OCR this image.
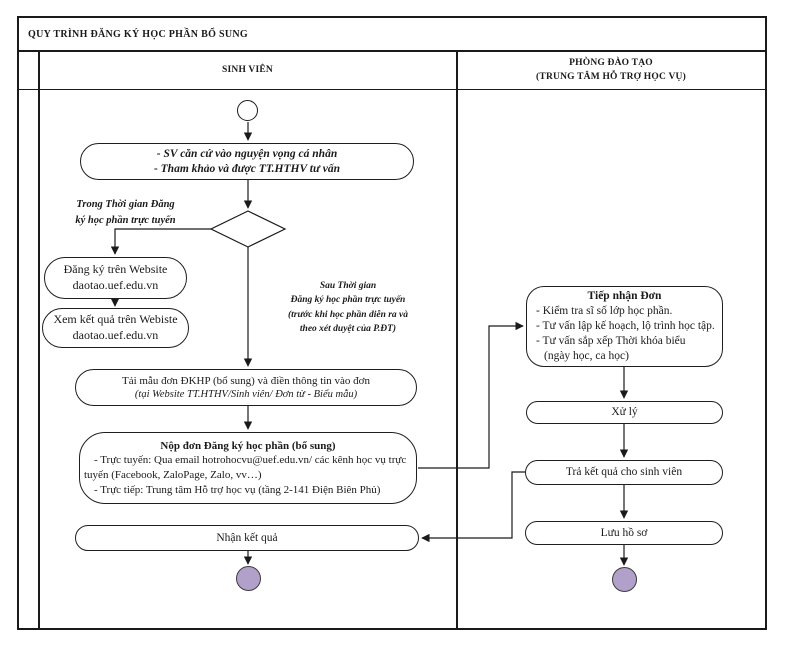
QUY TRÌNH ĐĂNG KÝ HỌC PHẦN BỔ SUNG
SINH VIÊN
PHÒNG ĐÀO TẠO
(TRUNG TÂM HỖ TRỢ HỌC VỤ)
- SV căn cứ vào nguyện vọng cá nhân
- Tham khảo và được TT.HTHV tư vấn
Trong Thời gian Đăng
ký học phần trực tuyến
Đăng ký trên Website
daotao.uef.edu.vn
Xem kết quả trên Webiste
daotao.uef.edu.vn
Sau Thời gian
Đăng ký học phần trực tuyến
(trước khi học phần diễn ra và
theo xét duyệt của P.ĐT)
Tải mẫu đơn ĐKHP (bổ sung) và điền thông tin vào đơn
(tại Website TT.HTHV/Sinh viên/ Đơn từ - Biểu mẫu)
Nộp đơn Đăng ký học phần (bổ sung)
- Trực tuyến: Qua email hotrohocvu@uef.edu.vn/ các kênh học vụ trực tuyến (Facebook, ZaloPage, Zalo, vv…)
- Trực tiếp: Trung tâm Hỗ trợ học vụ (tầng 2-141 Điện Biên Phủ)
Nhận kết quả
Tiếp nhận Đơn
- Kiểm tra sĩ số lớp học phần.
- Tư vấn lập kế hoạch, lộ trình học tập.
- Tư vấn sắp xếp Thời khóa biểu
(ngày học, ca học)
Xử lý
Trả kết quả cho sinh viên
Lưu hồ sơ
